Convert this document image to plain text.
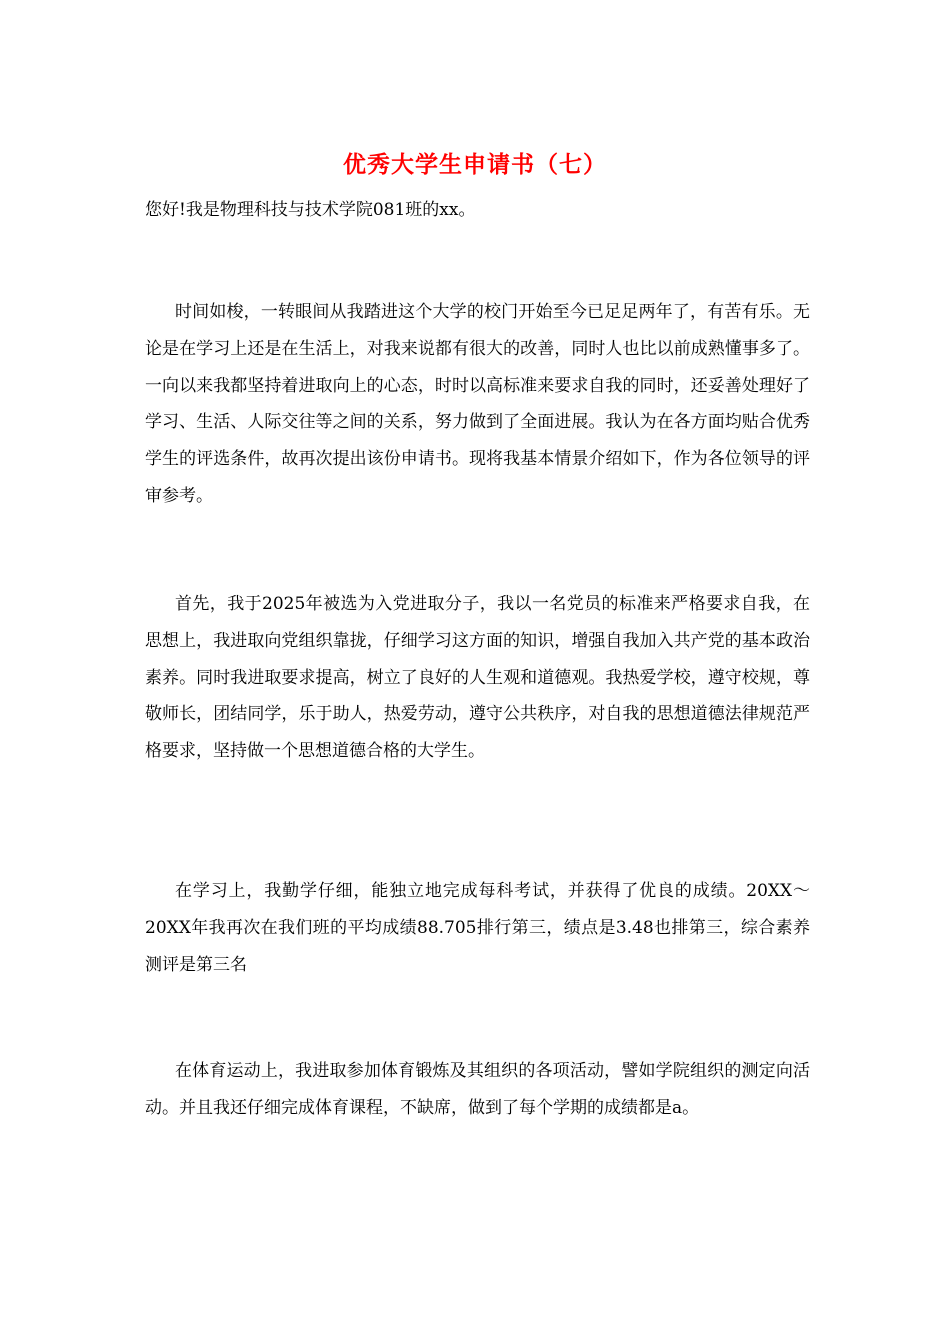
优秀大学生申请书（七）
您好!我是物理科技与技术学院081班的xx。

时间如梭，一转眼间从我踏进这个大学的校门开始至今已足足两年了，有苦有乐。无论是在学习上还是在生活上，对我来说都有很大的改善，同时人也比以前成熟懂事多了。一向以来我都坚持着进取向上的心态，时时以高标准来要求自我的同时，还妥善处理好了学习、生活、人际交往等之间的关系，努力做到了全面进展。我认为在各方面均贴合优秀学生的评选条件，故再次提出该份申请书。现将我基本情景介绍如下，作为各位领导的评审参考。

首先，我于2025年被选为入党进取分子，我以一名党员的标准来严格要求自我，在思想上，我进取向党组织靠拢，仔细学习这方面的知识，增强自我加入共产党的基本政治素养。同时我进取要求提高，树立了良好的人生观和道德观。我热爱学校，遵守校规，尊敬师长，团结同学，乐于助人，热爱劳动，遵守公共秩序，对自我的思想道德法律规范严格要求，坚持做一个思想道德合格的大学生。

在学习上，我勤学仔细，能独立地完成每科考试，并获得了优良的成绩。20XX～20XX年我再次在我们班的平均成绩88.705排行第三，绩点是3.48也排第三，综合素养测评是第三名

在体育运动上，我进取参加体育锻炼及其组织的各项活动，譬如学院组织的测定向活动。并且我还仔细完成体育课程，不缺席，做到了每个学期的成绩都是a。
